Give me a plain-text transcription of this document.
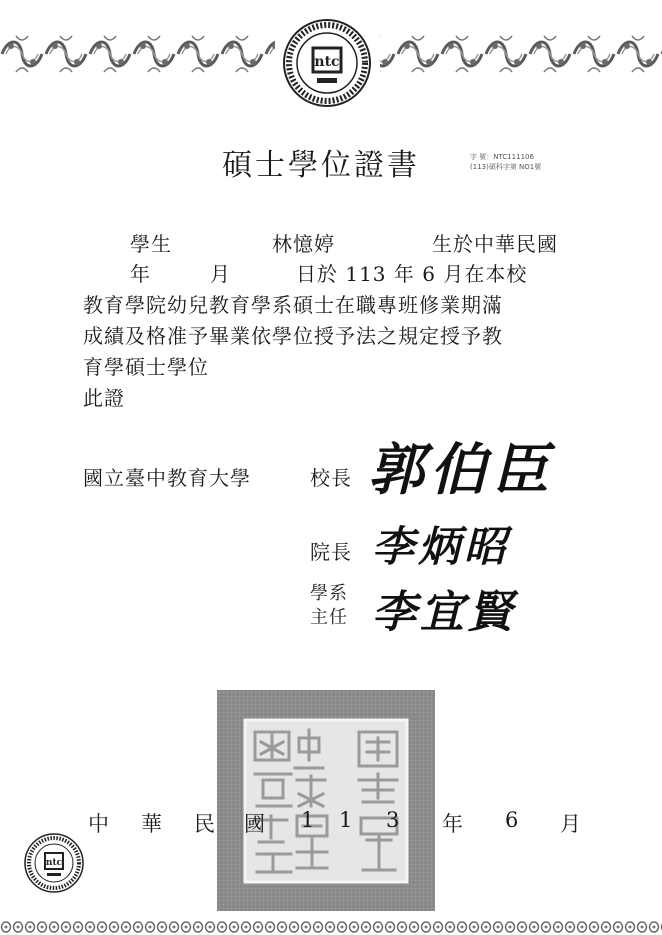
ntc
碩士學位證書	字 號：NTC111106
(113)碩科字第 NO1號
學生	林憶婷	生於中華民國
年	月	日於 113 年 6 月在本校
教育學院幼兒教育學系碩士在職專班修業期滿
成績及格准予畢業依學位授予法之規定授予教
育學碩士學位
此證
國立臺中教育大學	校長 郭伯臣
院長 李炳昭
學系
主任 李宜賢
中 華 民 國 1 1 3 年 6 月
ntc
